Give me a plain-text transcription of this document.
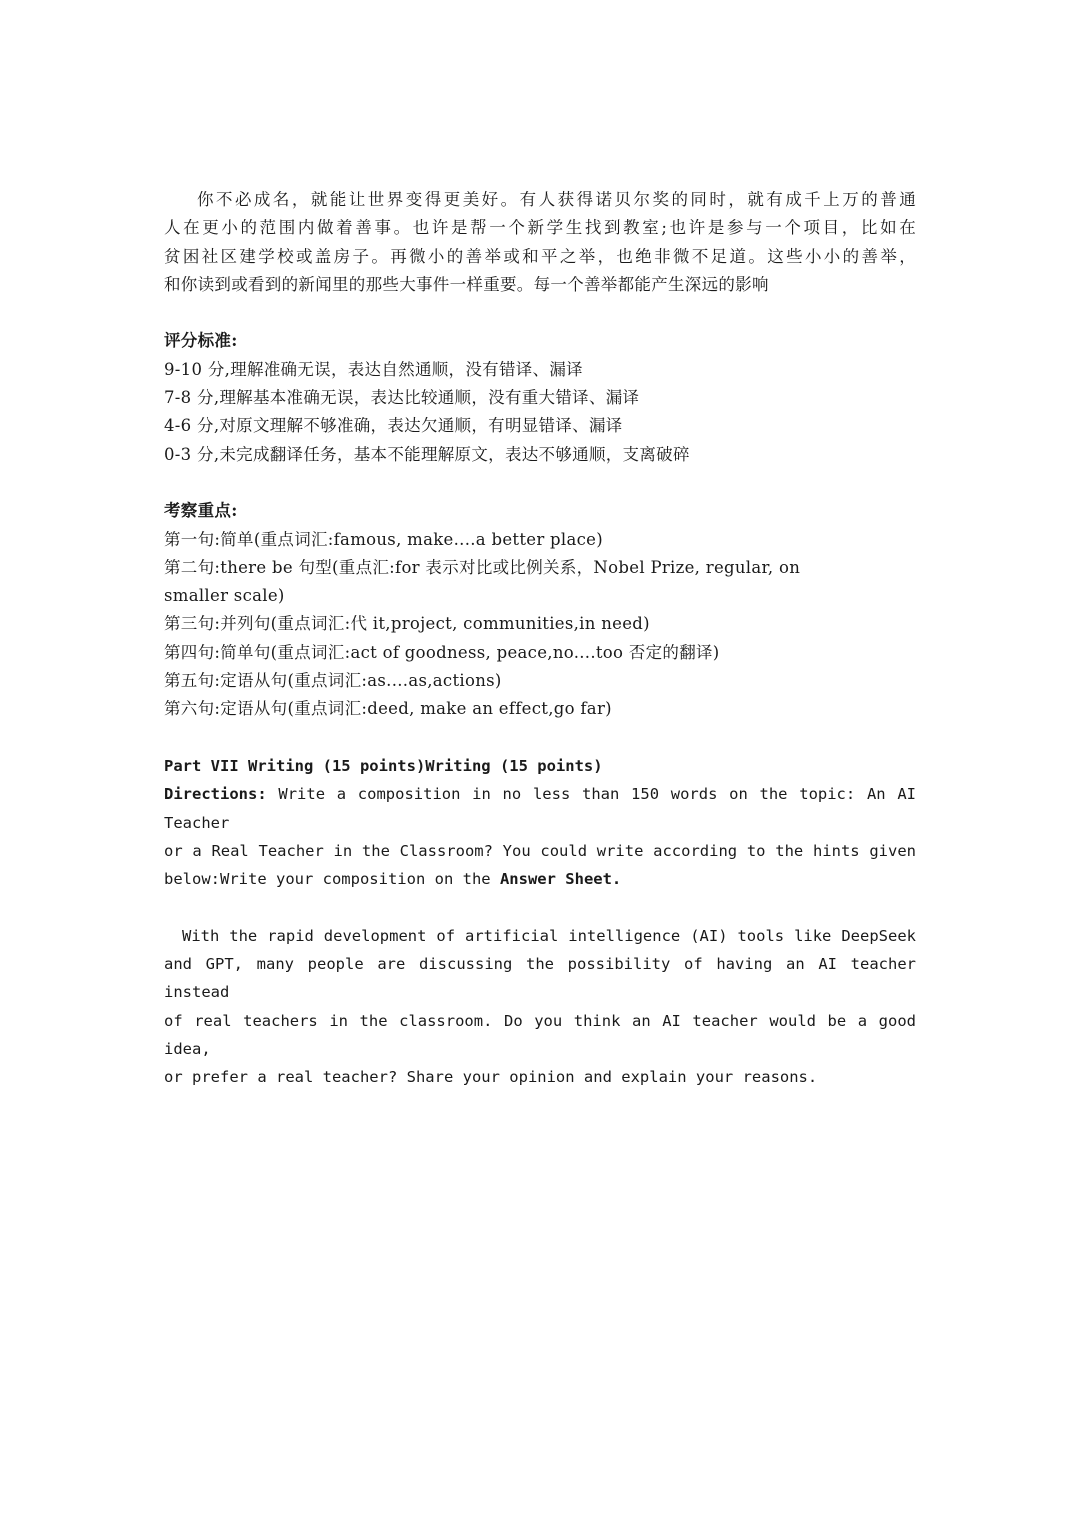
你不必成名，就能让世界变得更美好。有人获得诺贝尔奖的同时，就有成千上万的普通

人在更小的范围内做着善事。也许是帮一个新学生找到教室;也许是参与一个项目，比如在

贫困社区建学校或盖房子。再微小的善举或和平之举，也绝非微不足道。这些小小的善举，

和你读到或看到的新闻里的那些大事件一样重要。每一个善举都能产生深远的影响

评分标准:

9-10 分,理解准确无误，表达自然通顺，没有错译、漏译

7-8 分,理解基本准确无误，表达比较通顺，没有重大错译、漏译

4-6 分,对原文理解不够准确，表达欠通顺，有明显错译、漏译

0-3 分,未完成翻译任务，基本不能理解原文，表达不够通顺，支离破碎

考察重点:

第一句:简单(重点词汇:famous, make....a better place)

第二句:there be 句型(重点汇:for 表示对比或比例关系，Nobel Prize, regular, on

smaller scale)

第三句:并列句(重点词汇:代 it,project, communities,in need)

第四句:简单句(重点词汇:act of goodness, peace,no....too 否定的翻译)

第五句:定语从句(重点词汇:as....as,actions)

第六句:定语从句(重点词汇:deed, make an effect,go far)

Part VII Writing (15 points)Writing (15 points)

Directions: Write a composition in no less than 150 words on the topic: An AI Teacher

or a Real Teacher in the Classroom? You could write according to the hints given

below:Write your composition on the Answer Sheet.

With the rapid development of artificial intelligence (AI) tools like DeepSeek

and GPT, many people are discussing the possibility of having an AI teacher instead

of real teachers in the classroom. Do you think an AI teacher would be a good idea,

or prefer a real teacher? Share your opinion and explain your reasons.
